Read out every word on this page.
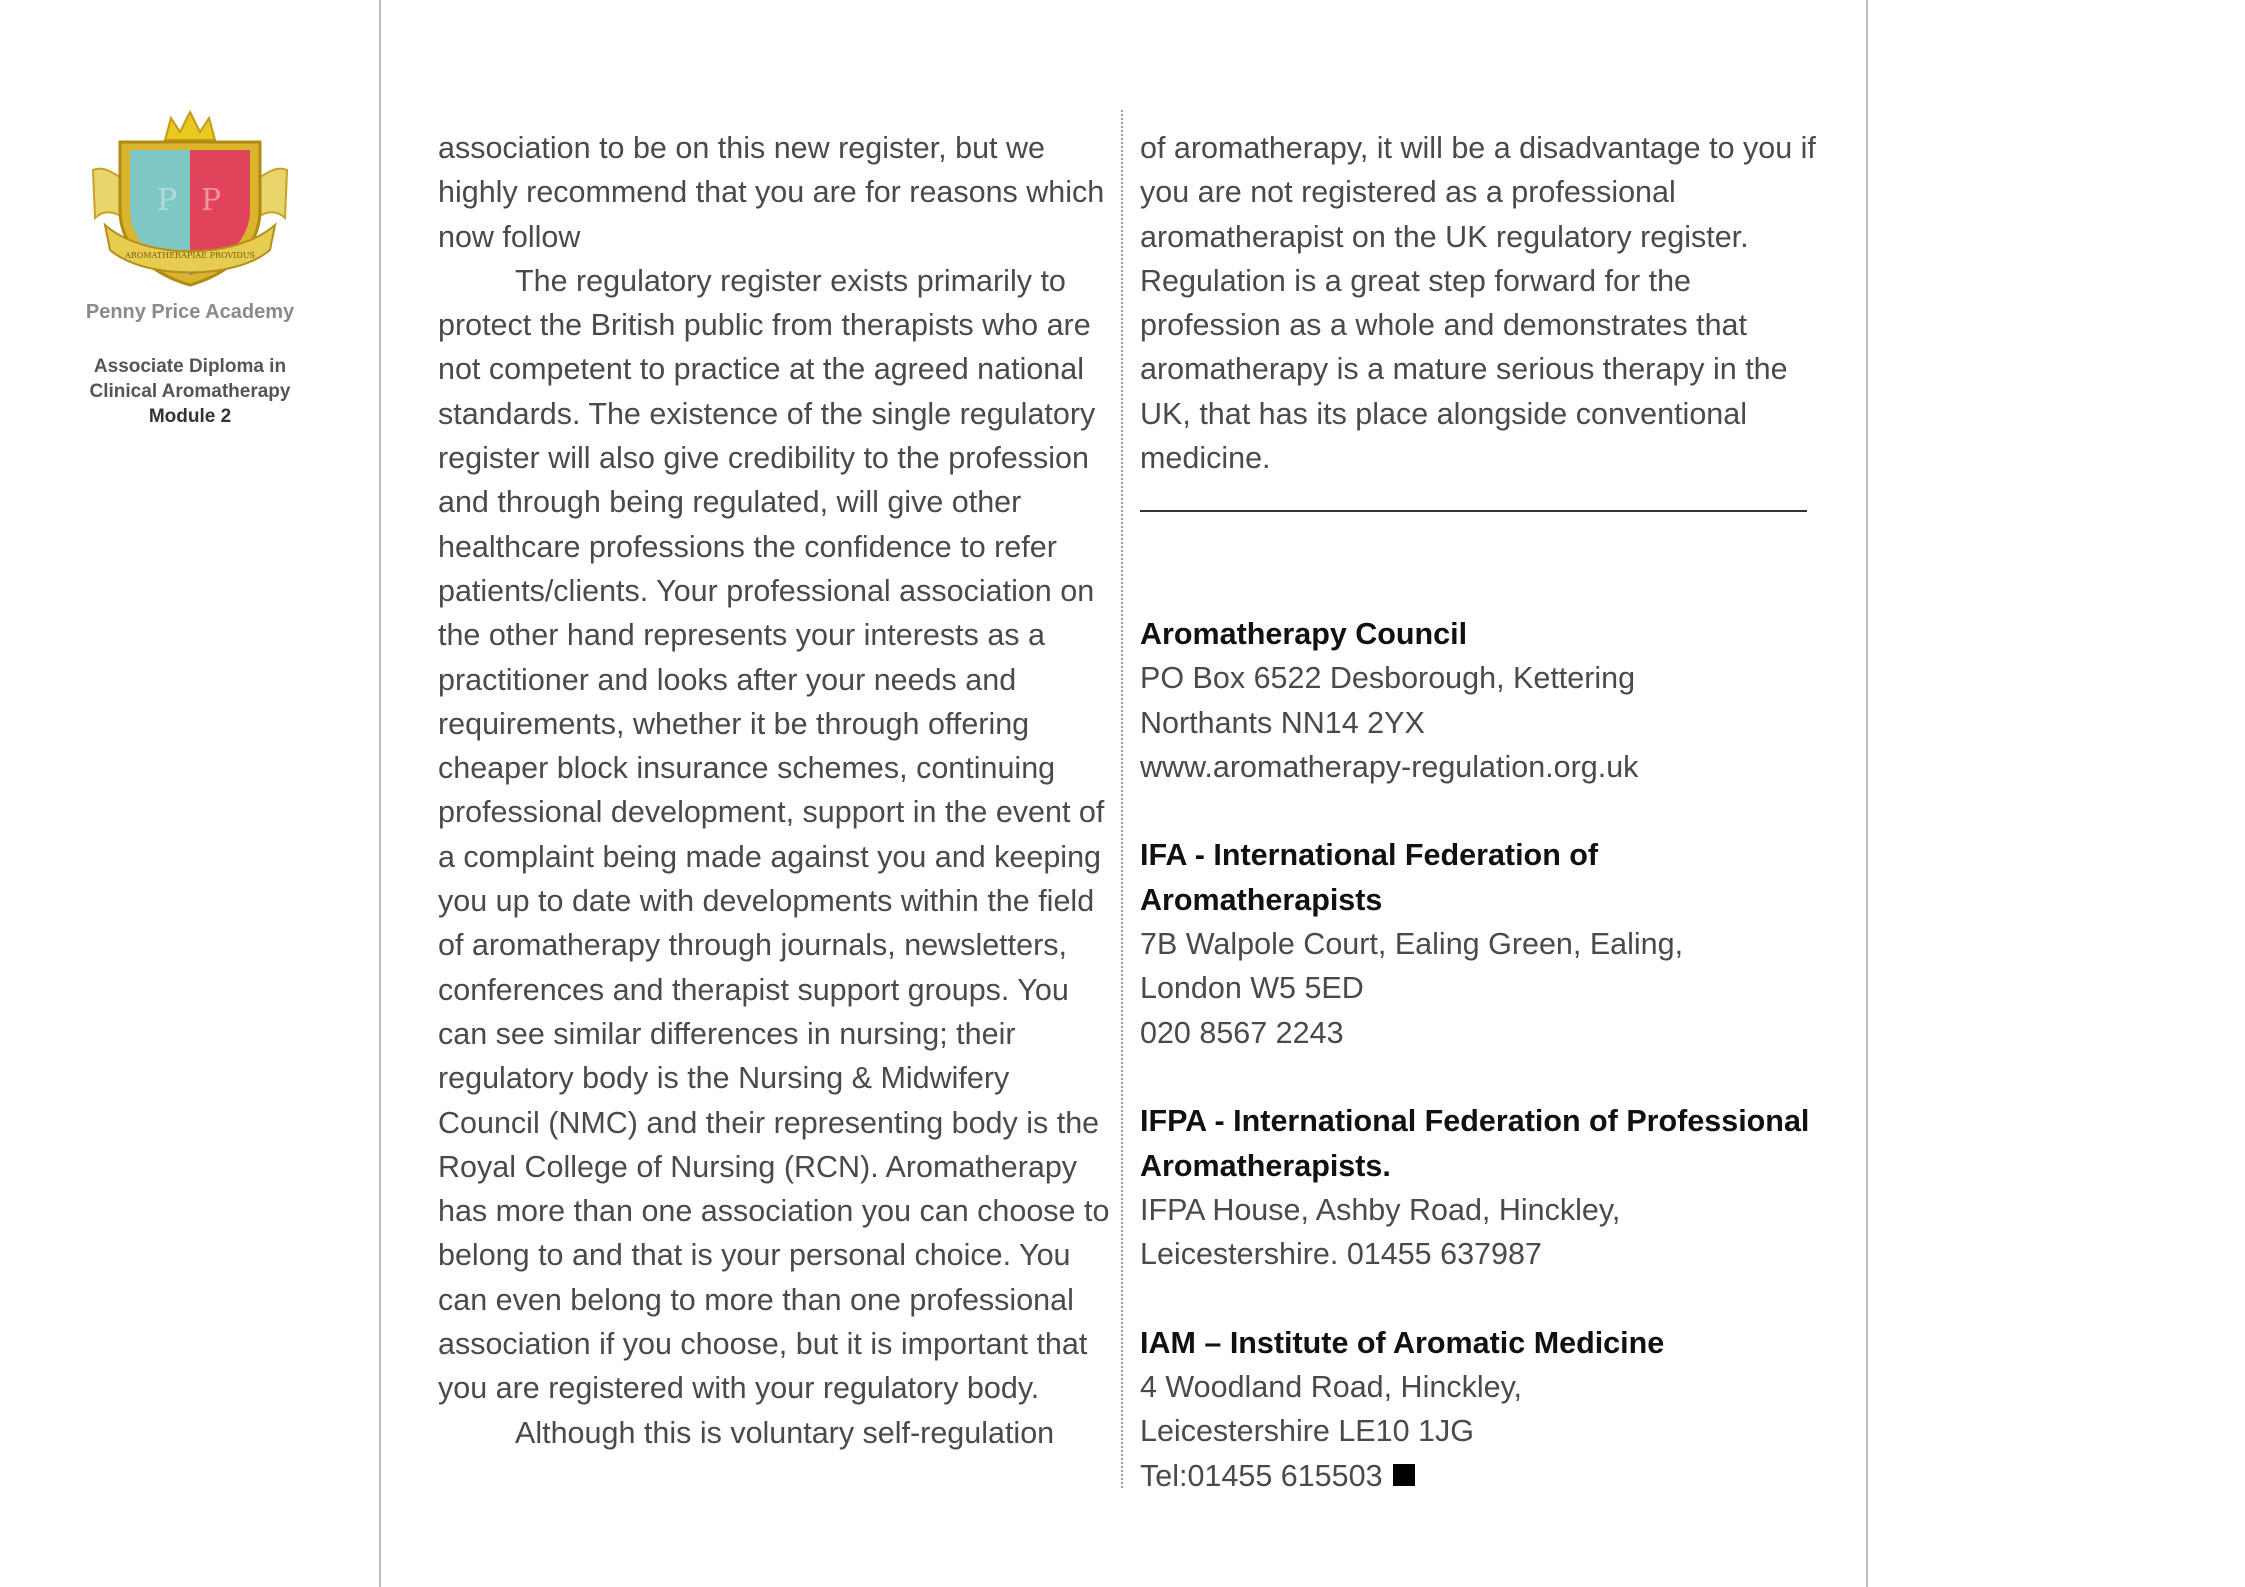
AROMATHERAPIAE PROVIDUS
P P
Penny Price Academy
Associate Diploma in
Clinical Aromatherapy
Module 2

association to be on this new register, but we highly recommend that you are for reasons which now follow

The regulatory register exists primarily to protect the British public from therapists who are not competent to practice at the agreed national standards. The existence of the single regulatory register will also give credibility to the profession and through being regulated, will give other healthcare professions the confidence to refer patients/clients. Your professional association on the other hand represents your interests as a practitioner and looks after your needs and requirements, whether it be through offering cheaper block insurance schemes, continuing professional development, support in the event of a complaint being made against you and keeping you up to date with developments within the field of aromatherapy through journals, newsletters, conferences and therapist support groups. You can see similar differences in nursing; their regulatory body is the Nursing & Midwifery Council (NMC) and their representing body is the Royal College of Nursing (RCN). Aromatherapy has more than one association you can choose to belong to and that is your personal choice. You can even belong to more than one professional association if you choose, but it is important that you are registered with your regulatory body.

Although this is voluntary self-regulation

of aromatherapy, it will be a disadvantage to you if you are not registered as a professional aromatherapist on the UK regulatory register. Regulation is a great step forward for the profession as a whole and demonstrates that aromatherapy is a mature serious therapy in the UK, that has its place alongside conventional medicine.

Aromatherapy Council
PO Box 6522 Desborough, Kettering
Northants NN14 2YX
www.aromatherapy-regulation.org.uk
IFA - International Federation of
Aromatherapists
7B Walpole Court, Ealing Green, Ealing,
London W5 5ED
020 8567 2243
IFPA - International Federation of Professional
Aromatherapists.
IFPA House, Ashby Road, Hinckley,
Leicestershire. 01455 637987
IAM – Institute of Aromatic Medicine
4 Woodland Road, Hinckley,
Leicestershire LE10 1JG
Tel:01455 615503
